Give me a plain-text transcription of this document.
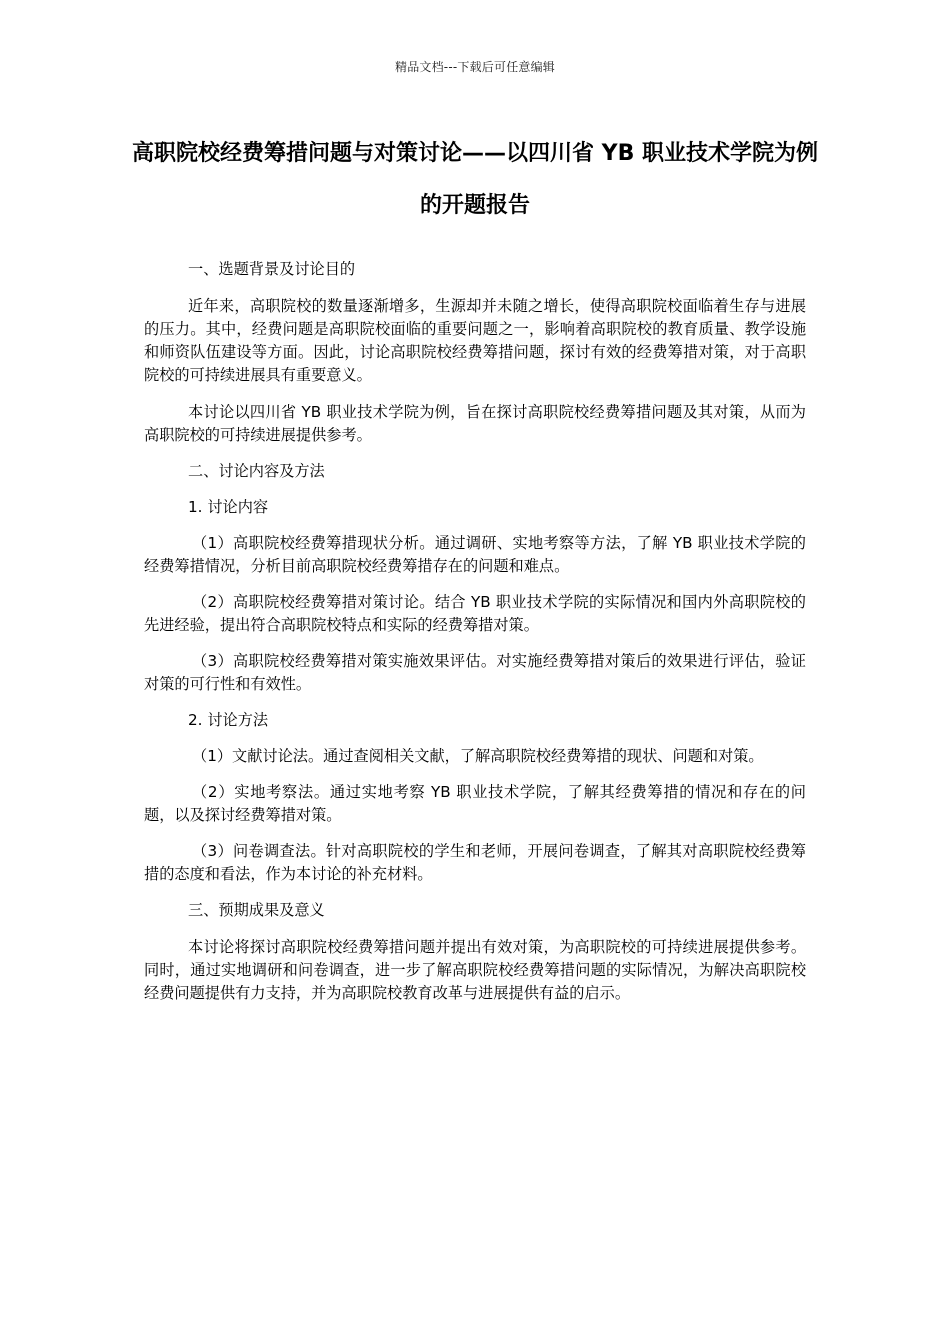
精品文档---下载后可任意编辑
高职院校经费筹措问题与对策讨论——以四川省 YB 职业技术学院为例的开题报告

一、选题背景及讨论目的

近年来，高职院校的数量逐渐增多，生源却并未随之增长，使得高职院校面临着生存与进展的压力。其中，经费问题是高职院校面临的重要问题之一，影响着高职院校的教育质量、教学设施和师资队伍建设等方面。因此，讨论高职院校经费筹措问题，探讨有效的经费筹措对策，对于高职院校的可持续进展具有重要意义。

本讨论以四川省 YB 职业技术学院为例，旨在探讨高职院校经费筹措问题及其对策，从而为高职院校的可持续进展提供参考。

二、讨论内容及方法

1. 讨论内容

（1）高职院校经费筹措现状分析。通过调研、实地考察等方法，了解 YB 职业技术学院的经费筹措情况，分析目前高职院校经费筹措存在的问题和难点。

（2）高职院校经费筹措对策讨论。结合 YB 职业技术学院的实际情况和国内外高职院校的先进经验，提出符合高职院校特点和实际的经费筹措对策。

（3）高职院校经费筹措对策实施效果评估。对实施经费筹措对策后的效果进行评估，验证对策的可行性和有效性。

2. 讨论方法

（1）文献讨论法。通过查阅相关文献，了解高职院校经费筹措的现状、问题和对策。

（2）实地考察法。通过实地考察 YB 职业技术学院，了解其经费筹措的情况和存在的问题，以及探讨经费筹措对策。

（3）问卷调查法。针对高职院校的学生和老师，开展问卷调查，了解其对高职院校经费筹措的态度和看法，作为本讨论的补充材料。

三、预期成果及意义

本讨论将探讨高职院校经费筹措问题并提出有效对策，为高职院校的可持续进展提供参考。同时，通过实地调研和问卷调查，进一步了解高职院校经费筹措问题的实际情况，为解决高职院校经费问题提供有力支持，并为高职院校教育改革与进展提供有益的启示。
